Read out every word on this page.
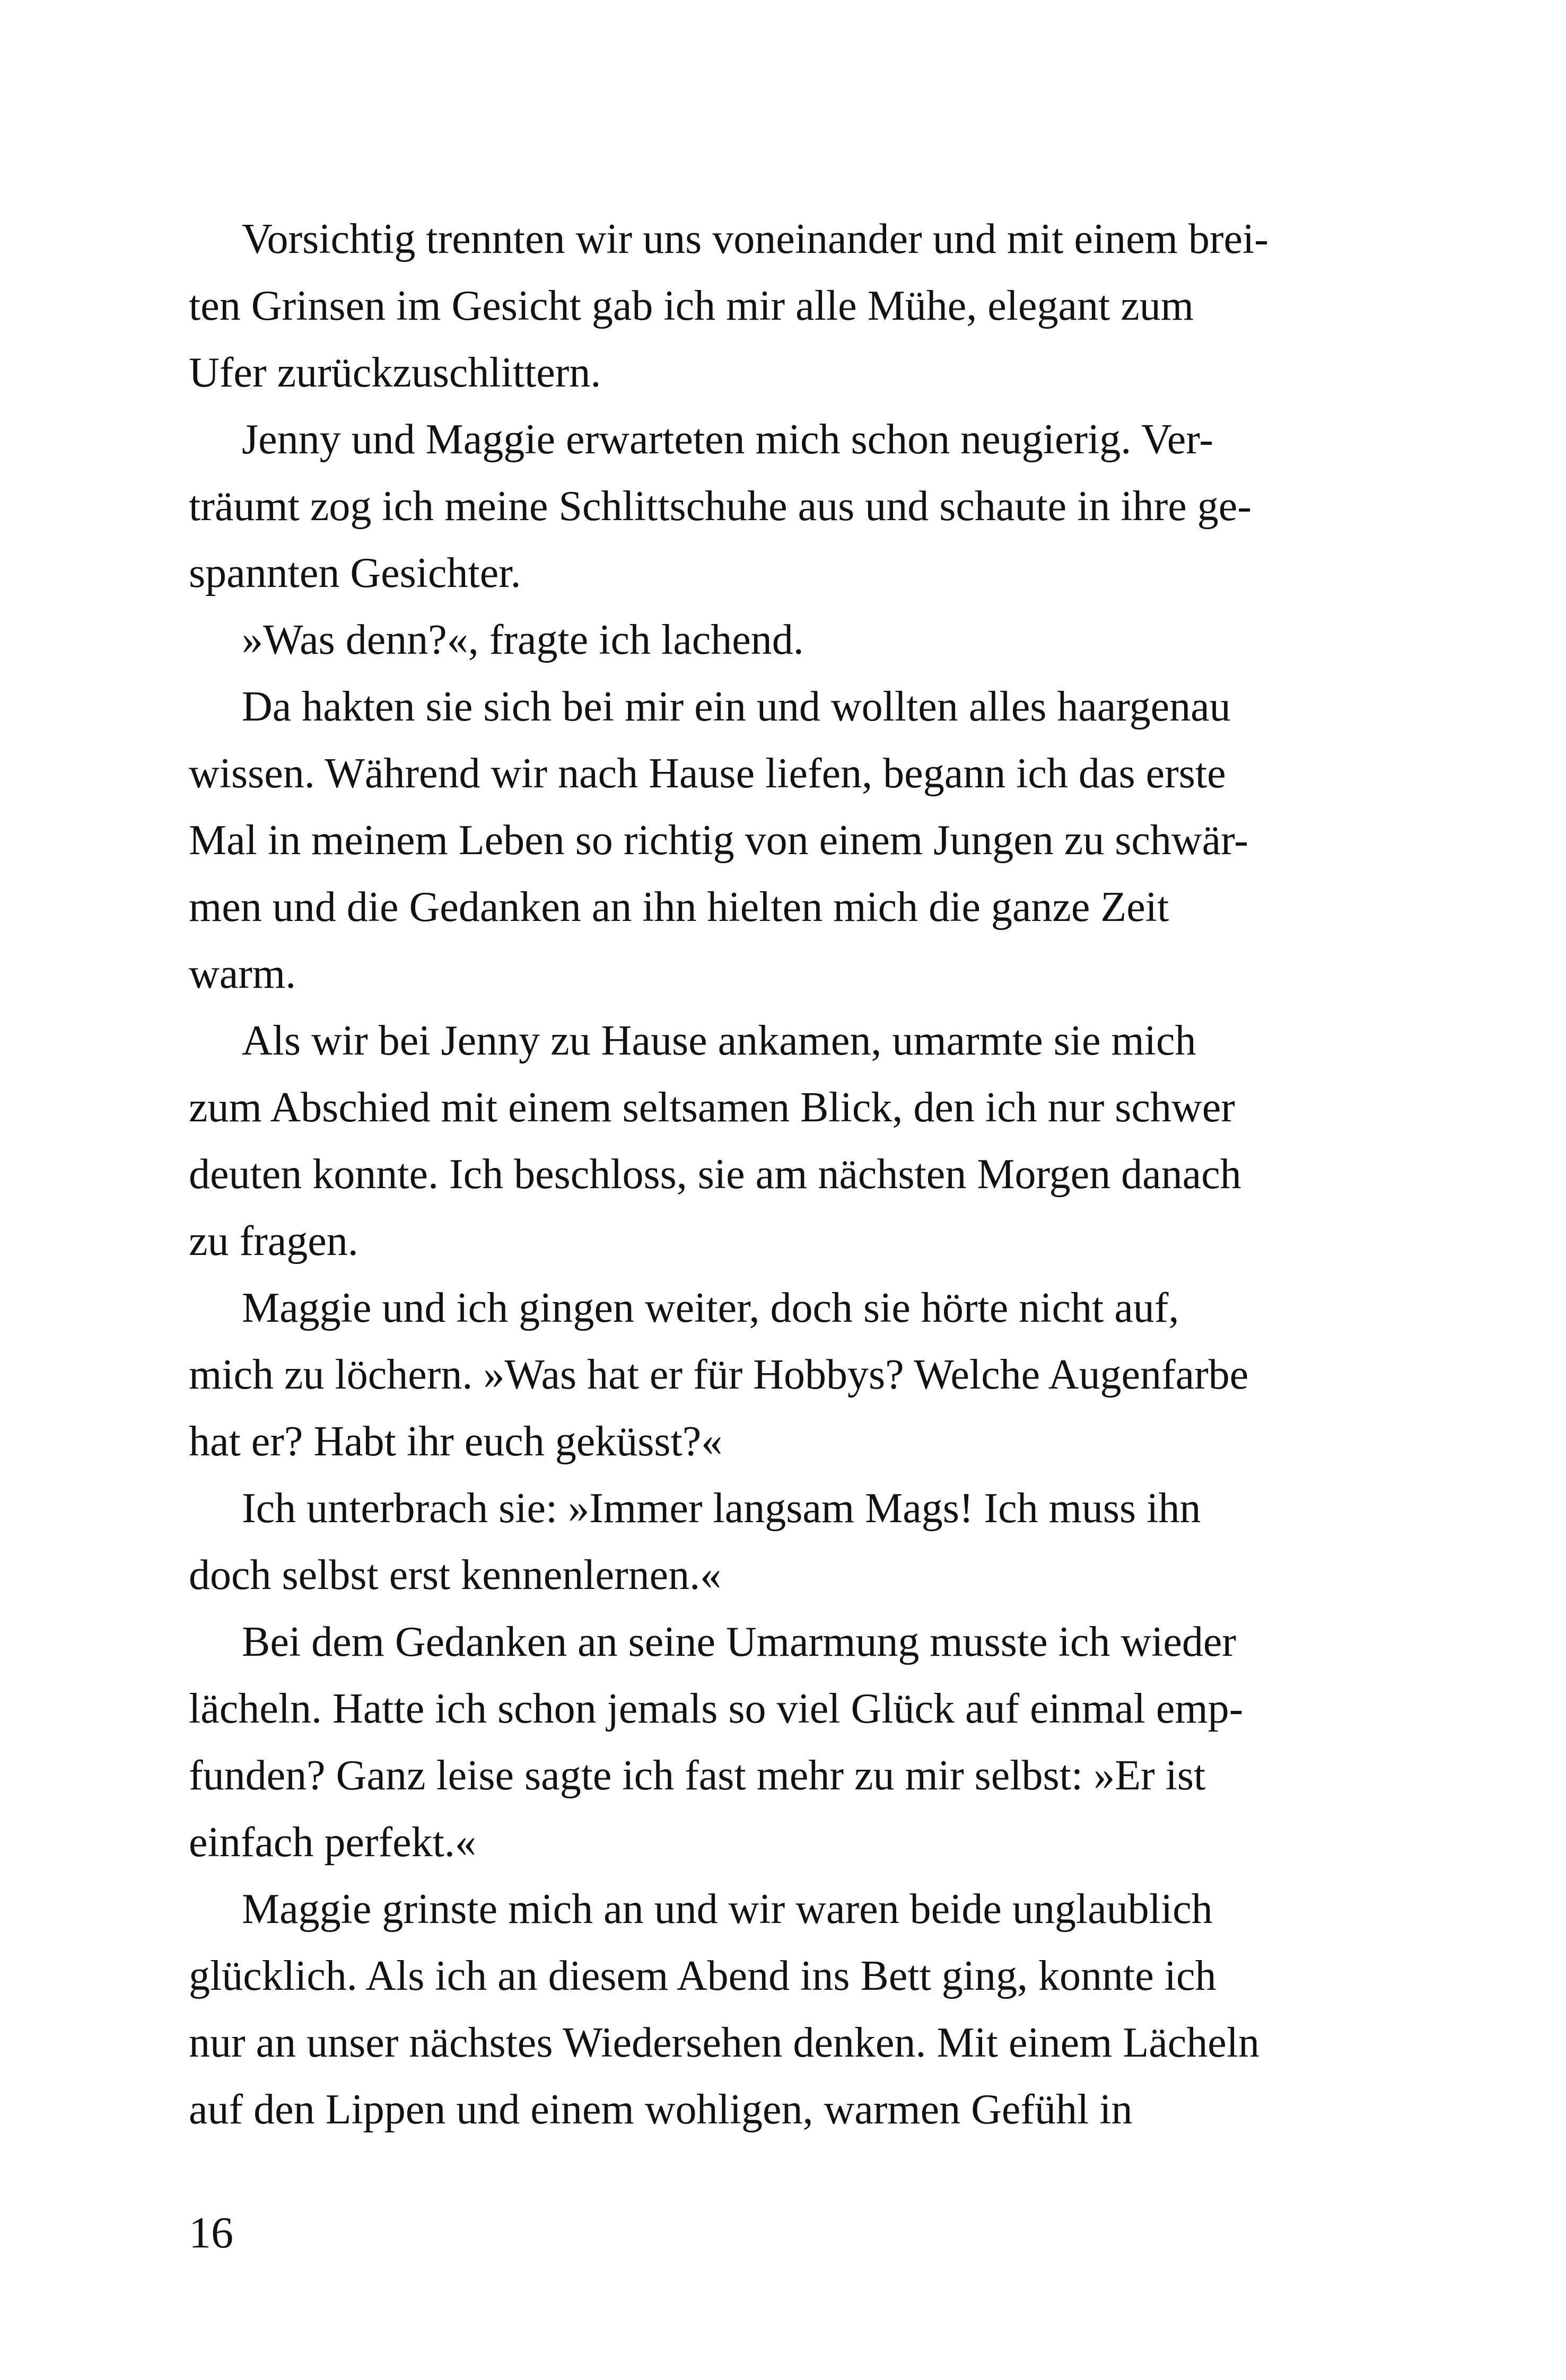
Vorsichtig trennten wir uns voneinander und mit einem brei-
ten Grinsen im Gesicht gab ich mir alle Mühe, elegant zum
Ufer zurückzuschlittern.
Jenny und Maggie erwarteten mich schon neugierig. Ver-
träumt zog ich meine Schlittschuhe aus und schaute in ihre ge-
spannten Gesichter.
»Was denn?«, fragte ich lachend.
Da hakten sie sich bei mir ein und wollten alles haargenau
wissen. Während wir nach Hause liefen, begann ich das erste
Mal in meinem Leben so richtig von einem Jungen zu schwär-
men und die Gedanken an ihn hielten mich die ganze Zeit
warm.
Als wir bei Jenny zu Hause ankamen, umarmte sie mich
zum Abschied mit einem seltsamen Blick, den ich nur schwer
deuten konnte. Ich beschloss, sie am nächsten Morgen danach
zu fragen.
Maggie und ich gingen weiter, doch sie hörte nicht auf,
mich zu löchern. »Was hat er für Hobbys? Welche Augenfarbe
hat er? Habt ihr euch geküsst?«
Ich unterbrach sie: »Immer langsam Mags! Ich muss ihn
doch selbst erst kennenlernen.«
Bei dem Gedanken an seine Umarmung musste ich wieder
lächeln. Hatte ich schon jemals so viel Glück auf einmal emp-
funden? Ganz leise sagte ich fast mehr zu mir selbst: »Er ist
einfach perfekt.«
Maggie grinste mich an und wir waren beide unglaublich
glücklich. Als ich an diesem Abend ins Bett ging, konnte ich
nur an unser nächstes Wiedersehen denken. Mit einem Lächeln
auf den Lippen und einem wohligen, warmen Gefühl in
16
